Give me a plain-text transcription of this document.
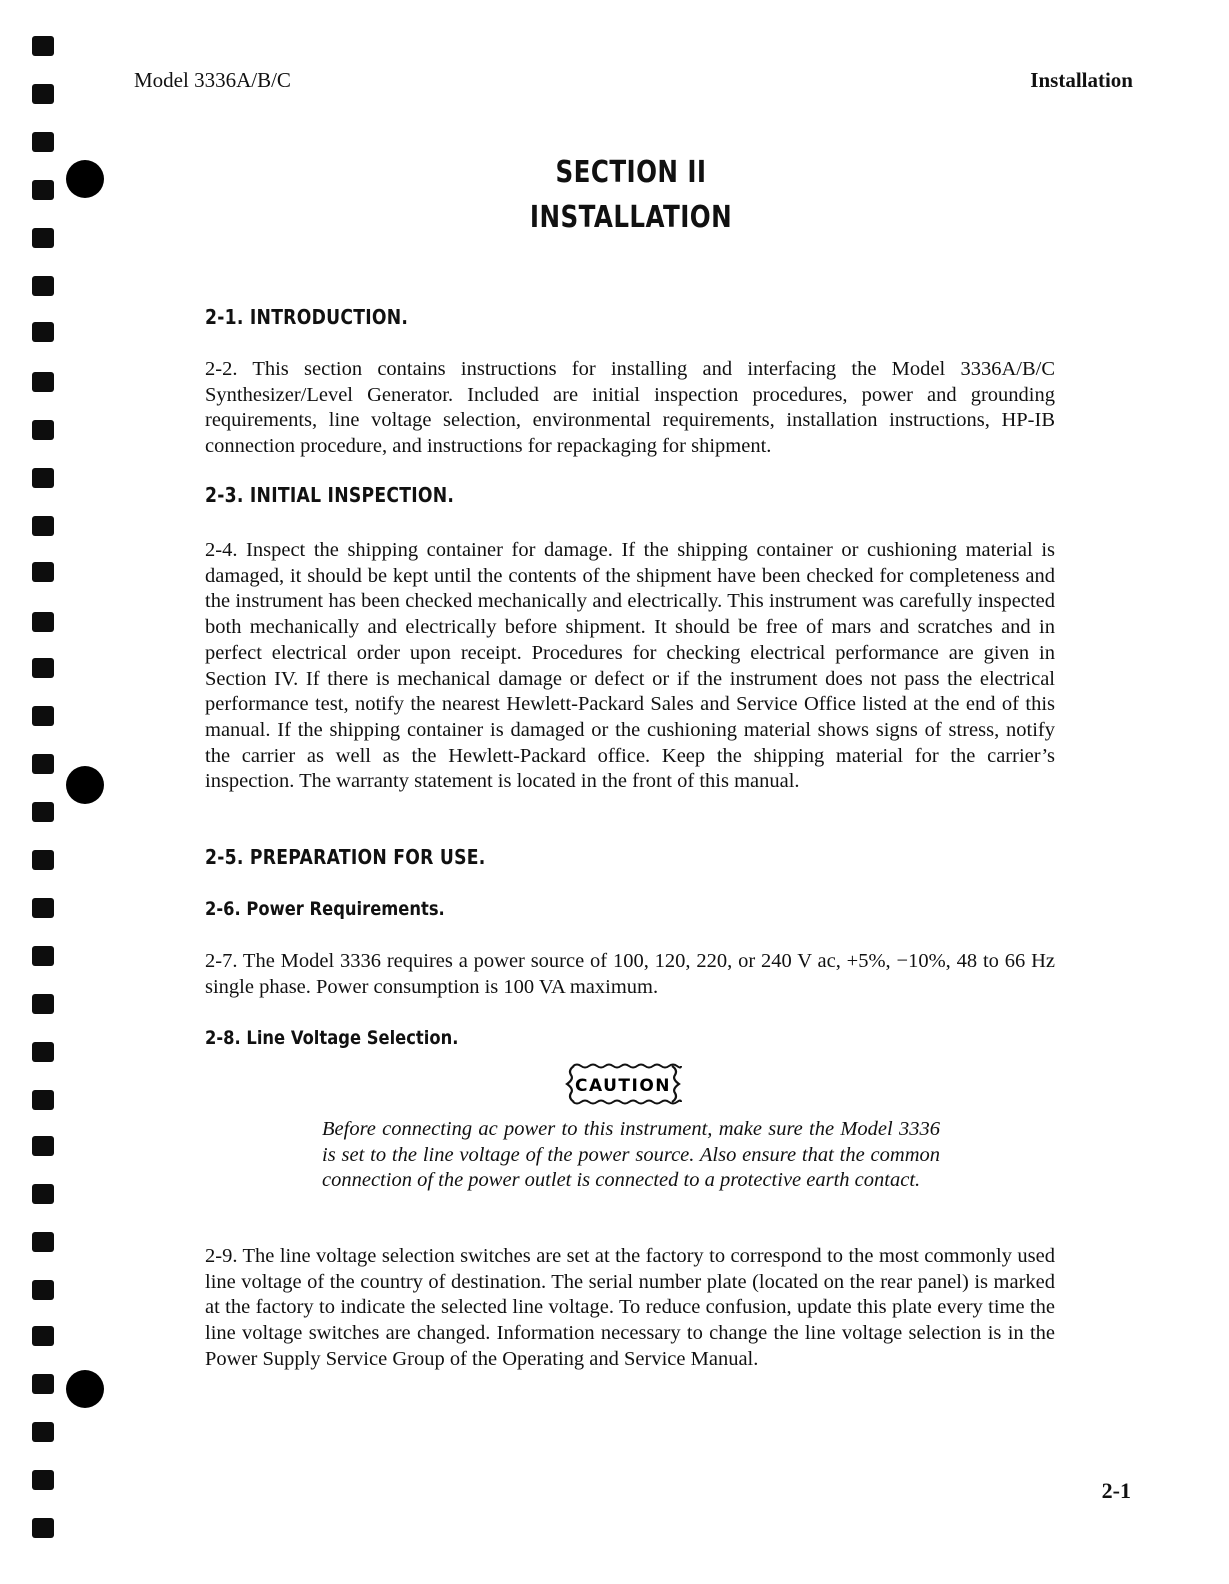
Model 3336A/B/C	Installation
SECTION II
INSTALLATION
2-1. INTRODUCTION.

2-2. This section contains instructions for installing and interfacing the Model 3336A/B/C Synthesizer/Level Generator. Included are initial inspection procedures, power and grounding requirements, line voltage selection, environmental requirements, installation instructions, HP-IB connection procedure, and instructions for repackaging for shipment.

2-3. INITIAL INSPECTION.

2-4. Inspect the shipping container for damage. If the shipping container or cushioning material is damaged, it should be kept until the contents of the shipment have been checked for completeness and the instrument has been checked mechanically and electrically. This instrument was carefully inspected both mechanically and electrically before shipment. It should be free of mars and scratches and in perfect electrical order upon receipt. Procedures for checking electrical performance are given in Section IV. If there is mechanical damage or defect or if the instrument does not pass the electrical performance test, notify the nearest Hewlett-Packard Sales and Service Office listed at the end of this manual. If the shipping container is damaged or the cushioning material shows signs of stress, notify the carrier as well as the Hewlett-Packard office. Keep the shipping material for the carrier’s inspection. The warranty statement is located in the front of this manual.

2-5. PREPARATION FOR USE.
2-6. Power Requirements.

2-7. The Model 3336 requires a power source of 100, 120, 220, or 240 V ac, +5%, −10%, 48 to 66 Hz single phase. Power consumption is 100 VA maximum.

2-8. Line Voltage Selection.

2-9. The line voltage selection switches are set at the factory to correspond to the most commonly used line voltage of the country of destination. The serial number plate (located on the rear panel) is marked at the factory to indicate the selected line voltage. To reduce confusion, update this plate every time the line voltage switches are changed. Information necessary to change the line voltage selection is in the Power Supply Service Group of the Operating and Service Manual.

CAUTION

Before connecting ac power to this instrument, make sure the Model 3336 is set to the line voltage of the power source. Also ensure that the common connection of the power outlet is connected to a protective earth contact.

2-1
